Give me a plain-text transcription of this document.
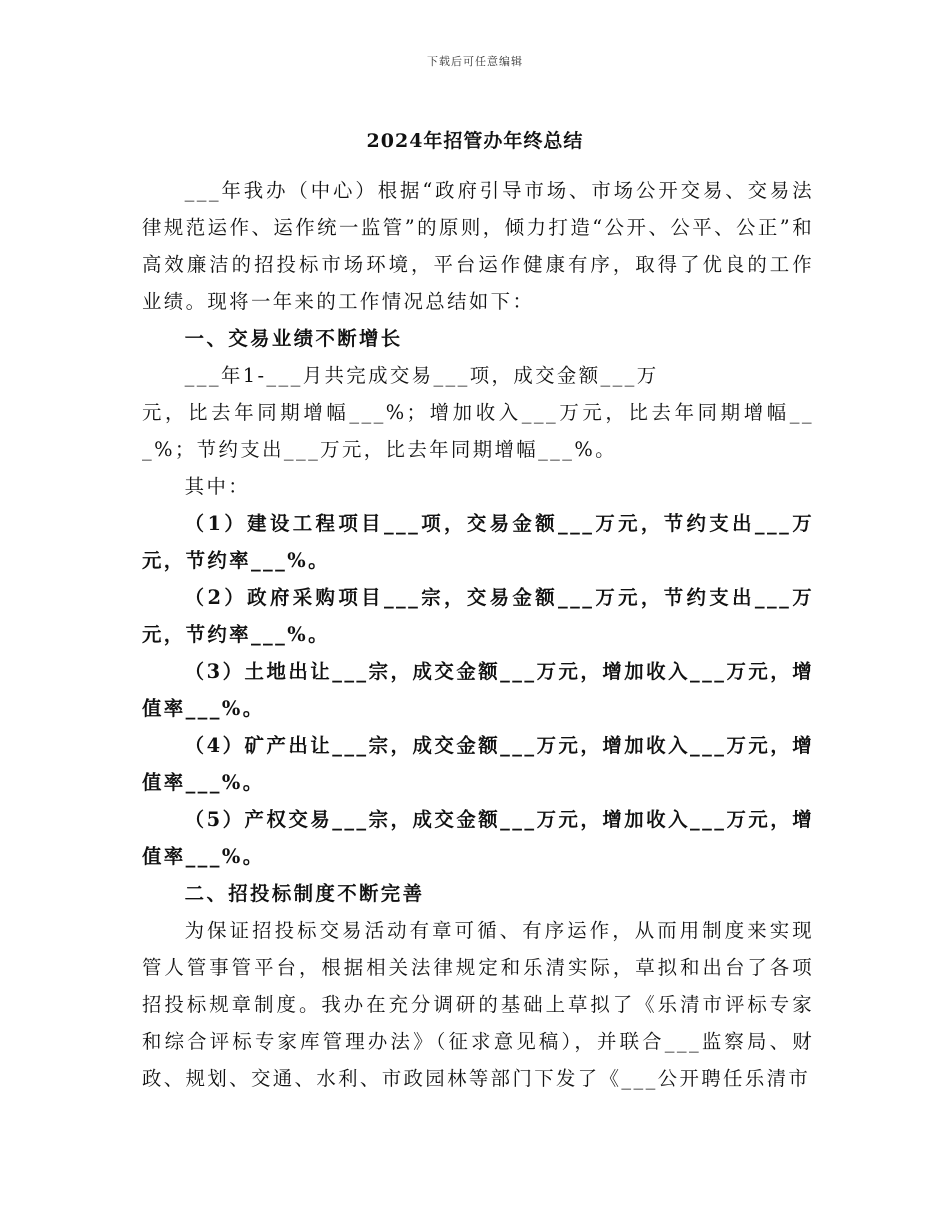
下载后可任意编辑
2024年招管办年终总结

___年我办（中心）根据“政府引导市场、市场公开交易、交易法律规范运作、运作统一监管”的原则，倾力打造“公开、公平、公正”和高效廉洁的招投标市场环境，平台运作健康有序，取得了优良的工作业绩。现将一年来的工作情况总结如下：

一、交易业绩不断增长

___年1-___月共完成交易___项，成交金额___万

元，比去年同期增幅___%；增加收入___万元，比去年同期增幅___%；节约支出___万元，比去年同期增幅___%。

其中：

（1）建设工程项目___项，交易金额___万元，节约支出___万元，节约率___%。

（2）政府采购项目___宗，交易金额___万元，节约支出___万元，节约率___%。

（3）土地出让___宗，成交金额___万元，增加收入___万元，增值率___%。

（4）矿产出让___宗，成交金额___万元，增加收入___万元，增值率___%。

（5）产权交易___宗，成交金额___万元，增加收入___万元，增值率___%。

二、招投标制度不断完善

为保证招投标交易活动有章可循、有序运作，从而用制度来实现管人管事管平台，根据相关法律规定和乐清实际，草拟和出台了各项招投标规章制度。我办在充分调研的基础上草拟了《乐清市评标专家和综合评标专家库管理办法》（征求意见稿），并联合___监察局、财政、规划、交通、水利、市政园林等部门下发了《___公开聘任乐清市
